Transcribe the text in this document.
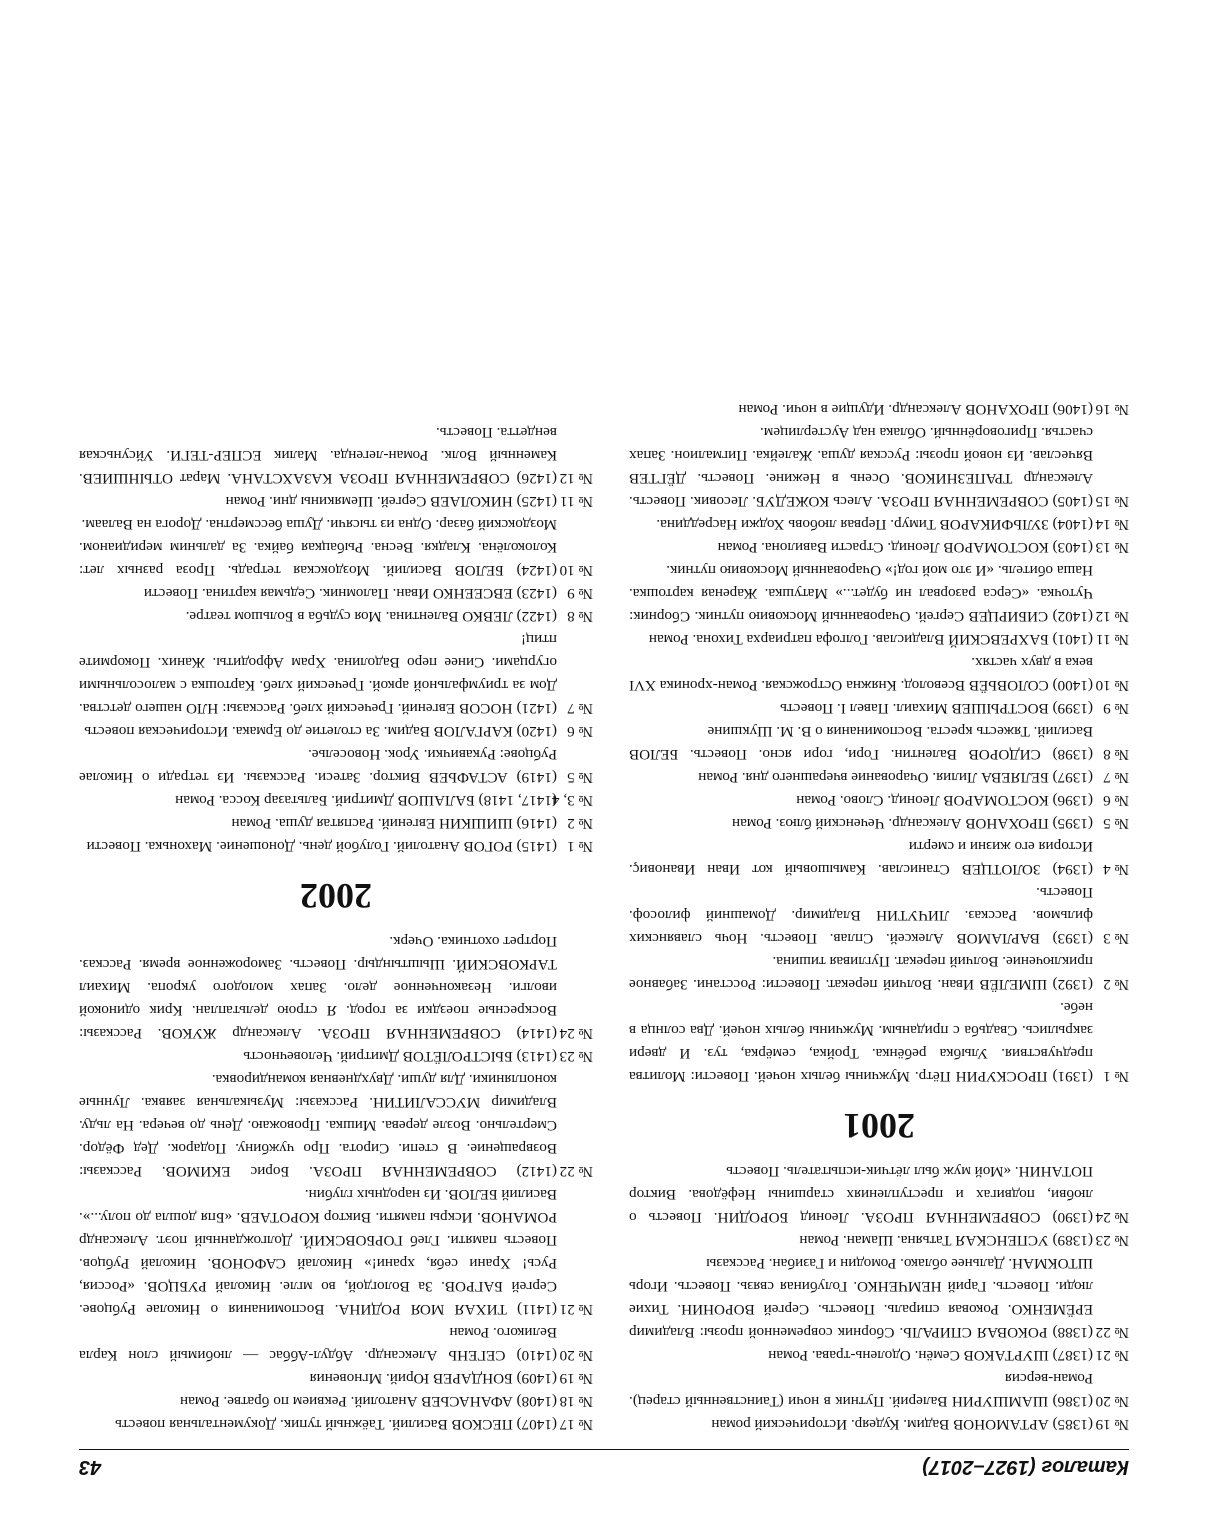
Каталог (1927–2017)
43
№ 19
(1385) АРТАМОНОВ Вадим. Кудеяр. Исторический роман
№ 20
(1386) ШАМШУРИН Валерий. Путник в ночи (Таинственный старец). Роман-версия
№ 21
(1387) ШУРТАКОВ Семён. Одолень-трава. Роман
№ 22
(1388) РОКОВАЯ СПИРАЛЬ. Сборник современной прозы: Владимир ЕРЁМЕНКО. Роковая спираль. Повесть. Сергей ВОРОНИН. Тихие люди. Повесть. Гарий НЕМЧЕНКО. Голубиная связь. Повесть. Игорь ШТОКМАН. Дальнее облако. Ромодин и Газибан. Рассказы
№ 23
(1389) УСПЕНСКАЯ Татьяна. Шаман. Роман
№ 24
(1390) СОВРЕМЕННАЯ ПРОЗА. Леонид БОРОДИН. Повесть о любви, подвигах и преступлениях старшины Нефёдова. Виктор ПОТАНИН. «Мой муж был лётчик-испытатель. Повесть
2001
№ 1
(1391) ПРОСКУРИН Пётр. Мужчины белых ночей. Повести: Молитва предчувствия. Улыбка ребёнка. Тройка, семёрка, туз. И двери закрылись. Свадьба с приданым. Мужчины белых ночей. Два солнца в небе.
№ 2
(1392) ШМЕЛЁВ Иван. Волчий перекат. Повести: Росстани. Забавное приключение. Волчий перекат. Пугливая тишина.
№ 3
(1393) ВАРЛАМОВ Алексей. Сплав. Повесть. Ночь славянских фильмов. Рассказ. ЛИЧУТИН Владимир. Домашний философ. Повесть.
№ 4
(1394) ЗОЛОТЦЕВ Станислав. Камышовый кот Иван Ивановиç. История его жизни и смерти
№ 5
(1395) ПРОХАНОВ Александр. Чеченский блюз. Роман
№ 6
(1396) КОСТОМАРОВ Леонид. Слово. Роман
№ 7
(1397) БЕЛЯЕВА Лилия. Очарование вчерашнего дня. Роман
№ 8
(1398) СИДОРОВ Валентин. Гори, гори ясно. Повесть. БЕЛОВ Василий. Тяжесть креста. Воспоминания о В. М. Шукшине
№ 9
(1399) ВОСТРЫШЕВ Михаил. Павел I. Повесть
№ 10
(1400) СОЛОВЬЁВ Всеволод. Княжна Острожская. Роман-хроника XVI века в двух частях.
№ 11
(1401) БАХРЕВСКИЙ Владислав. Голгофа патриарха Тихона. Роман
№ 12
(1402) СИБИРЦЕВ Сергей. Очарованный Московию путник. Сборник: Чуточка. «Серса разорвал ни будет...» Матушка. Жареная картошка. Наша обитель. «И это мой год!» Очарованный Московию путник.
№ 13
(1403) КОСТОМАРОВ Леонид. Страсти Вавилона. Роман
№ 14
(1404) ЗУЛЬФИКАРОВ Тимур. Первая любовь Ходжи Насреддина.
№ 15
(1405) СОВРЕМЕННАЯ ПРОЗА. Алесь КОЖЕДУБ. Лесовик. Повесть. Александр ТРАПЕЗНИКОВ. Осень в Нежине. Повесть. ДЁГТЕВ Вячеслав. Из новой прозы: Русская душа. Жалейка. Пигмалион. Запах счастья. Приговорённый. Облака над Аустерлицем.
№ 16
(1406) ПРОХАНОВ Александр. Идущие в ночи. Роман
№ 17
(1407) ПЕСКОВ Василий. Таёжный тупик. Документальная повесть
№ 18
(1408) АФАНАСЬЕВ Анатолий. Реквием по братве. Роман
№ 19
(1409) БОНДАРЕВ Юрий. Мгновения
№ 20
(1410) СЕГЕНЬ Александр. Абдул-Аббас — любимый слон Карла Великого. Роман
№ 21
(1411) ТИХАЯ МОЯ РОДИНА. Воспоминания о Николае Рубцове. Сергей БАГРОВ. За Вологдой, во мгле. Николай РУБЦОВ. «Россия, Русь! Храни себя, храни!» Николай САФОНОВ. Николай Рубцов. Повесть памяти. Глеб ГОРБОВСКИЙ. Долгожданный поэт. Александр РОМАНОВ. Искры памяти. Виктор КОРОТАЕВ. «Бпя дошла до полу...». Василий БЕЛОВ. Из народных глубин.
№ 22
(1412) СОВРЕМЕННАЯ ПРОЗА. Борис ЕКИМОВ. Рассказы: Возвращение. В степи. Сирота. Про чужбину. Подарок. Дед Фёдор. Смертельно. Возле дерева. Мишка. Провожаю. День до вечера. На льду. Владимир МУССАЛИТИН. Рассказы: Музыкальная заявка. Лунные конопляники. Для души. Двухдневная командировка.
№ 23
(1413) БЫСТРОЛЁТОВ Дмитрий. Человечность
№ 24
(1414) СОВРЕМЕННАЯ ПРОЗА. Александр ЖУКОВ. Рассказы: Воскресные поездки за город. Я строю дельтаплан. Крик одинокой иволги. Незаконченное дело. Запах молодого укропа. Михаил ТАРКОВСКИЙ. Шыштындыр. Повесть. Замороженное время. Рассказ. Портрет охотника. Очерк.
2002
№ 1
(1415) РОГОВ Анатолий. Голубой день. Доношение. Махонька. Повести
№ 2
(1416) ШИШКИН Евгений. Распятая душа. Роман
№ 3, 4
(1417, 1418) БАЛАШОВ Дмитрий. Бальтазар Косса. Роман
№ 5
(1419) АСТАФЬЕВ Виктор. Затеси. Рассказы. Из тетради о Николае Рубцове: Рукавички. Урок. Новоселье.
№ 6
(1420) КАРГАЛОВ Вадим. За столетие до Ермака. Историческая повесть
№ 7
(1421) НОСОВ Евгений. Греческий хлеб. Рассказы: НЛО нашего детства. Дом за триумфальной аркой. Греческий хлеб. Картошка с малосольными огурцами. Синее перо Вадолина. Храм Афродиты. Жаних. Покормите птиц!
№ 8
(1422) ЛЕВКО Валентина. Моя судьба в Большом театре.
№ 9
(1423) ЕВСЕЕНКО Иван. Паломник. Седьмая картина. Повести
№ 10
(1424) БЕЛОВ Василий. Моздокская тетрадь. Проза разных лет: Колоколёна. Кладкя. Весна. Рыбацкая байка. За дальним меридианом. Моздокский базар. Одна из тысячи. Душа бессмертна. Дорога на Валаам.
№ 11
(1425) НИКОЛАЕВ Сергей. Шемякины дни. Роман
№ 12
(1426) СОВРЕМЕННАЯ ПРОЗА КАЗАХСТАНА. Марат ОТЫНШИЕВ. Каменный Волк. Роман-легенда. Малик ЕСПЕР-ТЕГИ. Уйсуньская вендетта. Повесть.
